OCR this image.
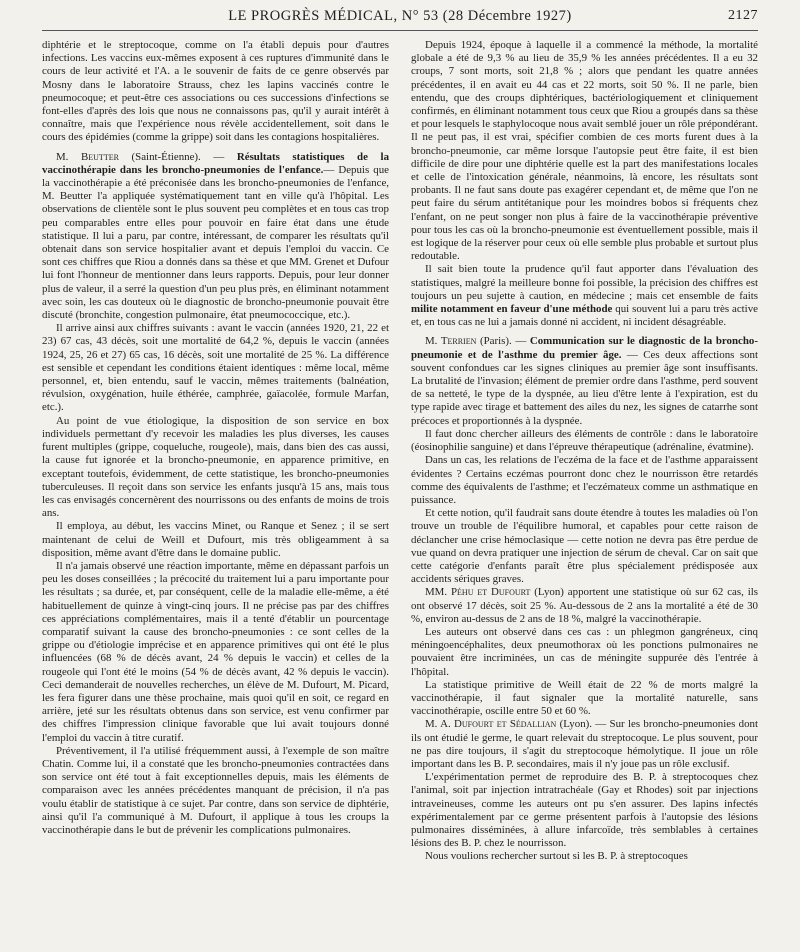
LE PROGRÈS MÉDICAL, N° 53 (28 Décembre 1927)	2127

diphtérie et le streptocoque, comme on l'a établi depuis pour d'autres infections. Les vaccins eux-mêmes exposent à ces ruptures d'immunité dans le cours de leur activité et l'A. a le souvenir de faits de ce genre observés par Mosny dans le laboratoire Strauss, chez les lapins vaccinés contre le pneumocoque; et peut-être ces associations ou ces successions d'infections se font-elles d'après des lois que nous ne connaissons pas, qu'il y aurait intérêt à connaître, mais que l'expérience nous révèle accidentellement, soit dans le cours des épidémies (comme la grippe) soit dans les contagions hospitalières.

M. Beutter (Saint-Étienne). — Résultats statistiques de la vaccinothérapie dans les broncho-pneumonies de l'enfance.— Depuis que la vaccinothérapie a été préconisée dans les broncho-pneumonies de l'enfance, M. Beutter l'a appliquée systématiquement tant en ville qu'à l'hôpital. Les observations de clientèle sont le plus souvent peu complètes et en tous cas trop peu comparables entre elles pour pouvoir en faire état dans une étude statistique. Il lui a paru, par contre, intéressant, de comparer les résultats qu'il obtenait dans son service hospitalier avant et depuis l'emploi du vaccin. Ce sont ces chiffres que Riou a donnés dans sa thèse et que MM. Grenet et Dufour lui font l'honneur de mentionner dans leurs rapports. Depuis, pour leur donner plus de valeur, il a serré la question d'un peu plus près, en éliminant notamment avec soin, les cas douteux où le diagnostic de broncho-pneumonie pouvait être discuté (bronchite, congestion pulmonaire, état pneumococcique, etc.).

Il arrive ainsi aux chiffres suivants : avant le vaccin (années 1920, 21, 22 et 23) 67 cas, 43 décès, soit une mortalité de 64,2 %, depuis le vaccin (années 1924, 25, 26 et 27) 65 cas, 16 décès, soit une mortalité de 25 %. La différence est sensible et cependant les conditions étaient identiques : même local, même personnel, et, bien entendu, sauf le vaccin, mêmes traitements (balnéation, révulsion, oxygénation, huile éthérée, camphrée, gaïacolée, formule Marfan, etc.).

Au point de vue étiologique, la disposition de son service en box individuels permettant d'y recevoir les maladies les plus diverses, les causes furent multiples (grippe, coqueluche, rougeole), mais, dans bien des cas aussi, la cause fut ignorée et la broncho-pneumonie, en apparence primitive, en exceptant toutefois, évidemment, de cette statistique, les broncho-pneumonies tuberculeuses. Il reçoit dans son service les enfants jusqu'à 15 ans, mais tous les cas envisagés concernèrent des nourrissons ou des enfants de moins de trois ans.

Il employa, au début, les vaccins Minet, ou Ranque et Senez ; il se sert maintenant de celui de Weill et Dufourt, mis très obligeamment à sa disposition, même avant d'être dans le domaine public.

Il n'a jamais observé une réaction importante, même en dépassant parfois un peu les doses conseillées ; la précocité du traitement lui a paru importante pour les résultats ; sa durée, et, par conséquent, celle de la maladie elle-même, a été habituellement de quinze à vingt-cinq jours. Il ne précise pas par des chiffres ces appréciations complémentaires, mais il a tenté d'établir un pourcentage comparatif suivant la cause des broncho-pneumonies : ce sont celles de la grippe ou d'étiologie imprécise et en apparence primitives qui ont été le plus influencées (68 % de décès avant, 24 % depuis le vaccin) et celles de la rougeole qui l'ont été le moins (54 % de décès avant, 42 % depuis le vaccin). Ceci demanderait de nouvelles recherches, un élève de M. Dufourt, M. Picard, les fera figurer dans une thèse prochaine, mais quoi qu'il en soit, ce regard en arrière, jeté sur les résultats obtenus dans son service, est venu confirmer par des chiffres l'impression clinique favorable que lui avait toujours donné l'emploi du vaccin à titre curatif.

Préventivement, il l'a utilisé fréquemment aussi, à l'exemple de son maître Chatin. Comme lui, il a constaté que les broncho-pneumonies contractées dans son service ont été tout à fait exceptionnelles depuis, mais les éléments de comparaison avec les années précédentes manquant de précision, il n'a pas voulu établir de statistique à ce sujet. Par contre, dans son service de diphtérie, ainsi qu'il l'a communiqué à M. Dufourt, il applique à tous les croups la vaccinothérapie dans le but de prévenir les complications pulmonaires.

Depuis 1924, époque à laquelle il a commencé la méthode, la mortalité globale a été de 9,3 % au lieu de 35,9 % les années précédentes. Il a eu 32 croups, 7 sont morts, soit 21,8 % ; alors que pendant les quatre années précédentes, il en avait eu 44 cas et 22 morts, soit 50 %. Il ne parle, bien entendu, que des croups diphtériques, bactériologiquement et cliniquement confirmés, en éliminant notamment tous ceux que Riou a groupés dans sa thèse et pour lesquels le staphylocoque nous avait semblé jouer un rôle prépondérant. Il ne peut pas, il est vrai, spécifier combien de ces morts furent dues à la broncho-pneumonie, car même lorsque l'autopsie peut être faite, il est bien difficile de dire pour une diphtérie quelle est la part des manifestations locales et celle de l'intoxication générale, néanmoins, là encore, les résultats sont probants. Il ne faut sans doute pas exagérer cependant et, de même que l'on ne peut faire du sérum antitétanique pour les moindres bobos si fréquents chez l'enfant, on ne peut songer non plus à faire de la vaccinothérapie préventive pour tous les cas où la broncho-pneumonie est éventuellement possible, mais il est logique de la réserver pour ceux où elle semble plus probable et surtout plus redoutable.

Il sait bien toute la prudence qu'il faut apporter dans l'évaluation des statistiques, malgré la meilleure bonne foi possible, la précision des chiffres est toujours un peu sujette à caution, en médecine ; mais cet ensemble de faits milite notamment en faveur d'une méthode qui souvent lui a paru très active et, en tous cas ne lui a jamais donné ni accident, ni incident désagréable.

M. Terrien (Paris). — Communication sur le diagnostic de la broncho-pneumonie et de l'asthme du premier âge. — Ces deux affections sont souvent confondues car les signes cliniques au premier âge sont insuffisants. La brutalité de l'invasion; élément de premier ordre dans l'asthme, perd souvent de sa netteté, le type de la dyspnée, au lieu d'être lente à l'expiration, est du type rapide avec tirage et battement des ailes du nez, les signes de catarrhe sont précoces et proportionnés à la dyspnée.

Il faut donc chercher ailleurs des éléments de contrôle : dans le laboratoire (éosinophilie sanguine) et dans l'épreuve thérapeutique (adrénaline, évatmine).

Dans un cas, les relations de l'eczéma de la face et de l'asthme apparaissent évidentes ? Certains eczémas pourront donc chez le nourrisson être retardés comme des équivalents de l'asthme; et l'eczémateux comme un asthmatique en puissance.

Et cette notion, qu'il faudrait sans doute étendre à toutes les maladies où l'on trouve un trouble de l'équilibre humoral, et capables pour cette raison de déclancher une crise hémoclasique — cette notion ne devra pas être perdue de vue quand on devra pratiquer une injection de sérum de cheval. Car on sait que cette catégorie d'enfants paraît être plus spécialement prédisposée aux accidents sériques graves.

MM. Péhu et Dufourt (Lyon) apportent une statistique où sur 62 cas, ils ont observé 17 décès, soit 25 %. Au-dessous de 2 ans la mortalité a été de 30 %, environ au-dessus de 2 ans de 18 %, malgré la vaccinothérapie.

Les auteurs ont observé dans ces cas : un phlegmon gangréneux, cinq méningoencéphalites, deux pneumothorax où les ponctions pulmonaires ne pouvaient être incriminées, un cas de méningite suppurée dès l'entrée à l'hôpital.

La statistique primitive de Weill était de 22 % de morts malgré la vaccinothérapie, il faut signaler que la mortalité naturelle, sans vaccinothérapie, oscille entre 50 et 60 %.

M. A. Dufourt et Sédallian (Lyon). — Sur les broncho-pneumonies dont ils ont étudié le germe, le quart relevait du streptocoque. Le plus souvent, pour ne pas dire toujours, il s'agit du streptocoque hémolytique. Il joue un rôle important dans les B. P. secondaires, mais il n'y joue pas un rôle exclusif.

L'expérimentation permet de reproduire des B. P. à streptocoques chez l'animal, soit par injection intratrachéale (Gay et Rhodes) soit par injections intraveineuses, comme les auteurs ont pu s'en assurer. Des lapins infectés expérimentalement par ce germe présentent parfois à l'autopsie des lésions pulmonaires disséminées, à allure infarcoïde, très semblables à certaines lésions des B. P. chez le nourrisson.

Nous voulions rechercher surtout si les B. P. à streptocoques
